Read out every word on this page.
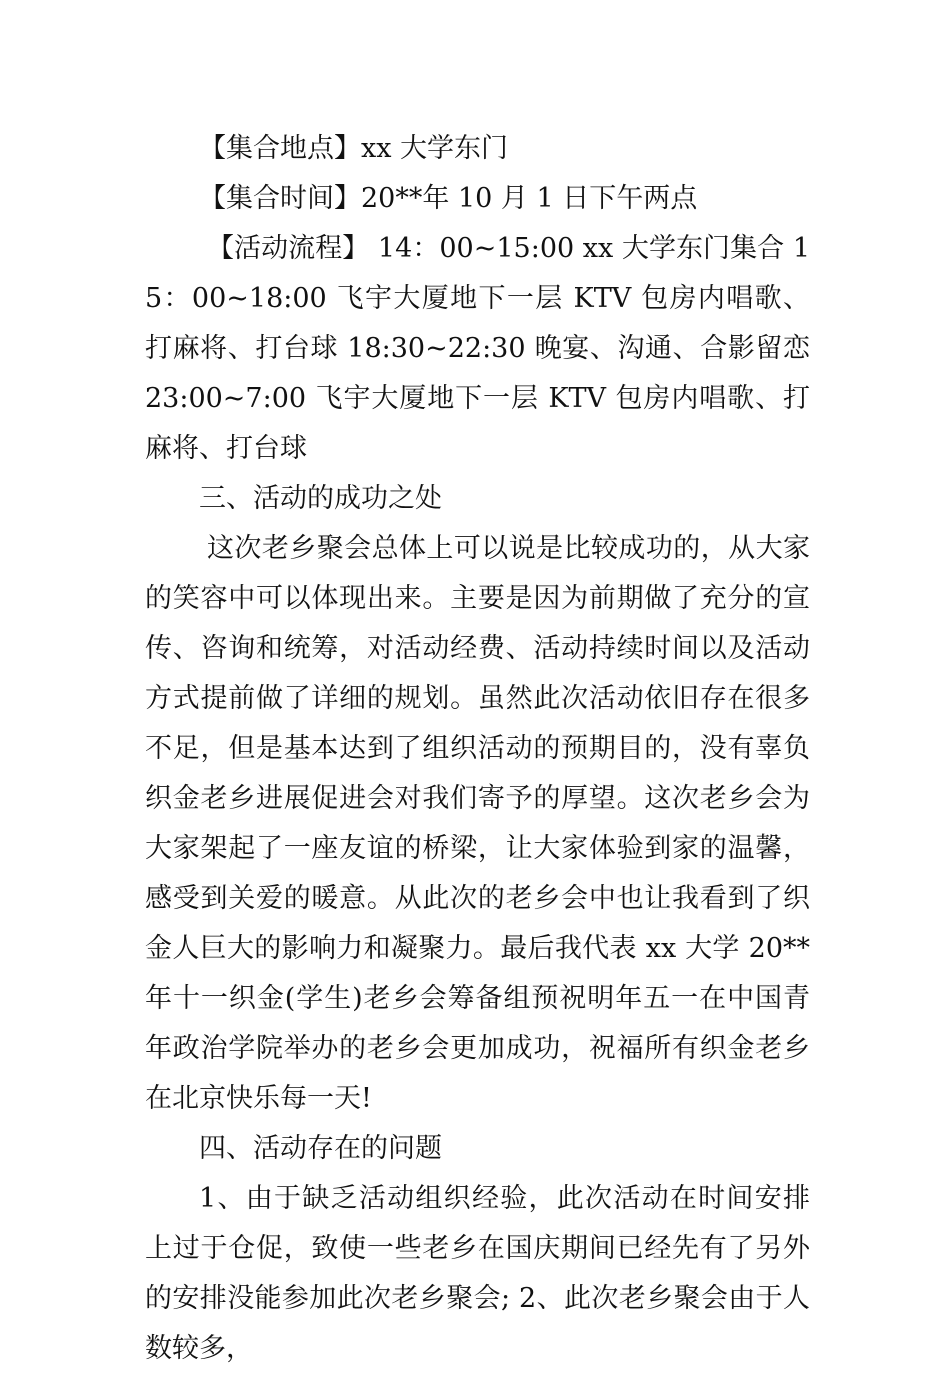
【集合地点】xx 大学东门

【集合时间】20**年 10 月 1 日下午两点

【活动流程】 14：00~15:00 xx 大学东门集合 15：00~18:00 飞宇大厦地下一层 KTV 包房内唱歌、打麻将、打台球 18:30~22:30 晚宴、沟通、合影留恋 23:00~7:00 飞宇大厦地下一层 KTV 包房内唱歌、打麻将、打台球

三、活动的成功之处

这次老乡聚会总体上可以说是比较成功的，从大家的笑容中可以体现出来。主要是因为前期做了充分的宣传、咨询和统筹，对活动经费、活动持续时间以及活动方式提前做了详细的规划。虽然此次活动依旧存在很多不足，但是基本达到了组织活动的预期目的，没有辜负织金老乡进展促进会对我们寄予的厚望。这次老乡会为大家架起了一座友谊的桥梁，让大家体验到家的温馨，感受到关爱的暖意。从此次的老乡会中也让我看到了织金人巨大的影响力和凝聚力。最后我代表 xx 大学 20**年十一织金(学生)老乡会筹备组预祝明年五一在中国青年政治学院举办的老乡会更加成功，祝福所有织金老乡在北京快乐每一天!

四、活动存在的问题

1、由于缺乏活动组织经验，此次活动在时间安排上过于仓促，致使一些老乡在国庆期间已经先有了另外的安排没能参加此次老乡聚会; 2、此次老乡聚会由于人数较多，
